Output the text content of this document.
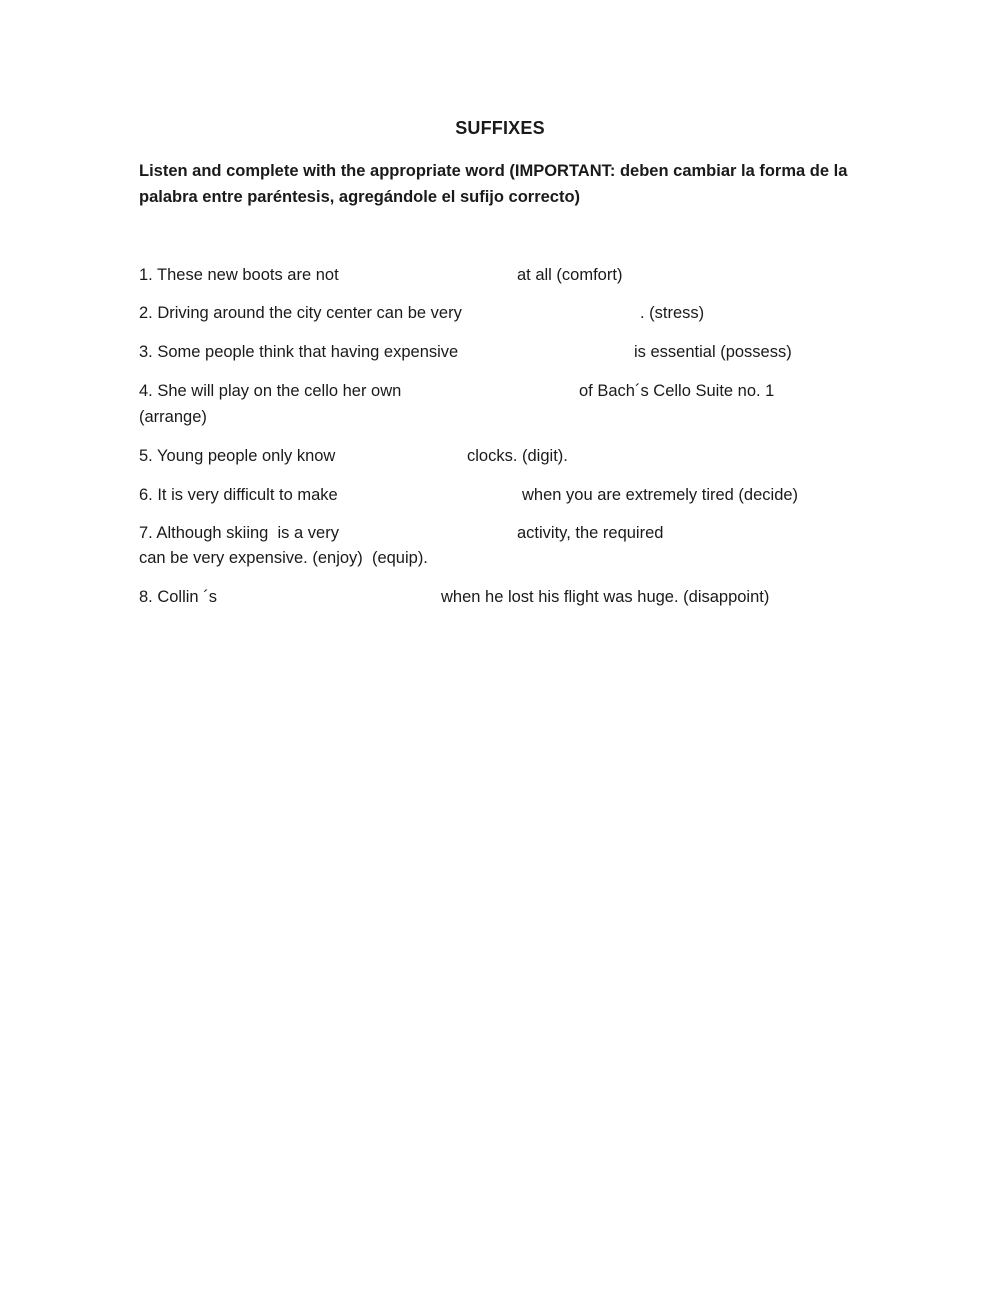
SUFFIXES
Listen and complete with the appropriate word (IMPORTANT: deben cambiar la forma de la palabra entre paréntesis, agregándole el sufijo correcto)
1. These new boots are not	at all (comfort)
2. Driving around the city center can be very	. (stress)
3. Some people think that having expensive	is essential (possess)
4. She will play on the cello her own	of Bach´s Cello Suite no. 1
(arrange)
5. Young people only know	clocks. (digit).
6. It is very difficult to make	when you are extremely tired (decide)
7. Although skiing  is a very	activity, the required
can be very expensive. (enjoy)  (equip).
8. Collin ´s	when he lost his flight was huge. (disappoint)
